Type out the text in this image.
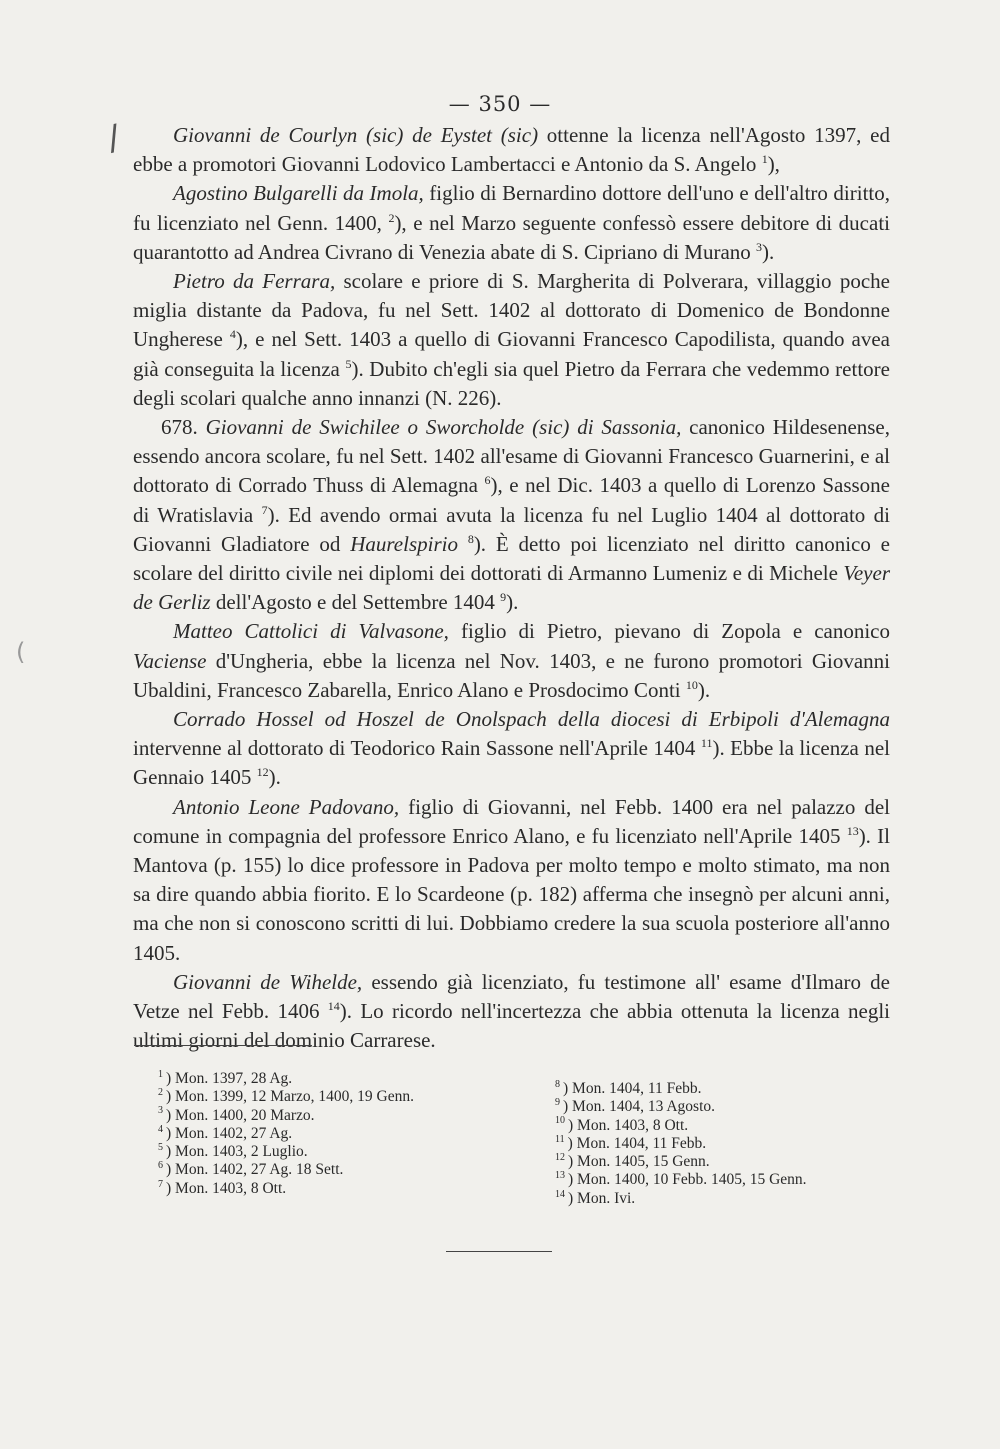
/
(
— 350 —

Giovanni de Courlyn (sic) de Eystet (sic) ottenne la licenza nell'Agosto 1397, ed ebbe a promotori Giovanni Lodovico Lambertacci e Antonio da S. Angelo $^1$),

Agostino Bulgarelli da Imola, figlio di Bernardino dottore dell'uno e dell'altro diritto, fu licenziato nel Genn. 1400, $^2$), e nel Marzo seguente confessò essere debitore di ducati quarantotto ad Andrea Civrano di Venezia abate di S. Cipriano di Murano $^3$).

Pietro da Ferrara, scolare e priore di S. Margherita di Polverara, villaggio poche miglia distante da Padova, fu nel Sett. 1402 al dottorato di Domenico de Bondonne Ungherese $^4$), e nel Sett. 1403 a quello di Giovanni Francesco Capodilista, quando avea già conseguita la licenza $^5$). Dubito ch'egli sia quel Pietro da Ferrara che vedemmo rettore degli scolari qualche anno innanzi (N. 226).

678. Giovanni de Swichilee o Sworcholde (sic) di Sassonia, canonico Hildesenense, essendo ancora scolare, fu nel Sett. 1402 all'esame di Giovanni Francesco Guarnerini, e al dottorato di Corrado Thuss di Alemagna $^6$), e nel Dic. 1403 a quello di Lorenzo Sassone di Wratislavia $^7$). Ed avendo ormai avuta la licenza fu nel Luglio 1404 al dottorato di Giovanni Gladiatore od Haurelspirio $^8$). È detto poi licenziato nel diritto canonico e scolare del diritto civile nei diplomi dei dottorati di Armanno Lumeniz e di Michele Veyer de Gerliz dell'Agosto e del Settembre 1404 $^9$).

Matteo Cattolici di Valvasone, figlio di Pietro, pievano di Zopola e canonico Vaciense d'Ungheria, ebbe la licenza nel Nov. 1403, e ne furono promotori Giovanni Ubaldini, Francesco Zabarella, Enrico Alano e Prosdocimo Conti $^{10}$).

Corrado Hossel od Hoszel de Onolspach della diocesi di Erbipoli d'Alemagna intervenne al dottorato di Teodorico Rain Sassone nell'Aprile 1404 $^{11}$). Ebbe la licenza nel Gennaio 1405 $^{12}$).

Antonio Leone Padovano, figlio di Giovanni, nel Febb. 1400 era nel palazzo del comune in compagnia del professore Enrico Alano, e fu licenziato nell'Aprile 1405 $^{13}$). Il Mantova (p. 155) lo dice professore in Padova per molto tempo e molto stimato, ma non sa dire quando abbia fiorito. E lo Scardeone (p. 182) afferma che insegnò per alcuni anni, ma che non si conoscono scritti di lui. Dobbiamo credere la sua scuola posteriore all'anno 1405.

Giovanni de Wihelde, essendo già licenziato, fu testimone all' esame d'Ilmaro de Vetze nel Febb. 1406 $^{14}$). Lo ricordo nell'incertezza che abbia ottenuta la licenza negli ultimi giorni del dominio Carrarese.

$^1$ ) Mon. 1397, 28 Ag.
$^2$ ) Mon. 1399, 12 Marzo, 1400, 19 Genn.
$^3$ ) Mon. 1400, 20 Marzo.
$^4$ ) Mon. 1402, 27 Ag.
$^5$ ) Mon. 1403, 2 Luglio.
$^6$ ) Mon. 1402, 27 Ag. 18 Sett.
$^7$ ) Mon. 1403, 8 Ott.
$^8$ ) Mon. 1404, 11 Febb.
$^9$ ) Mon. 1404, 13 Agosto.
$^{10}$ ) Mon. 1403, 8 Ott.
$^{11}$ ) Mon. 1404, 11 Febb.
$^{12}$ ) Mon. 1405, 15 Genn.
$^{13}$ ) Mon. 1400, 10 Febb. 1405, 15 Genn.
$^{14}$ ) Mon. Ivi.
